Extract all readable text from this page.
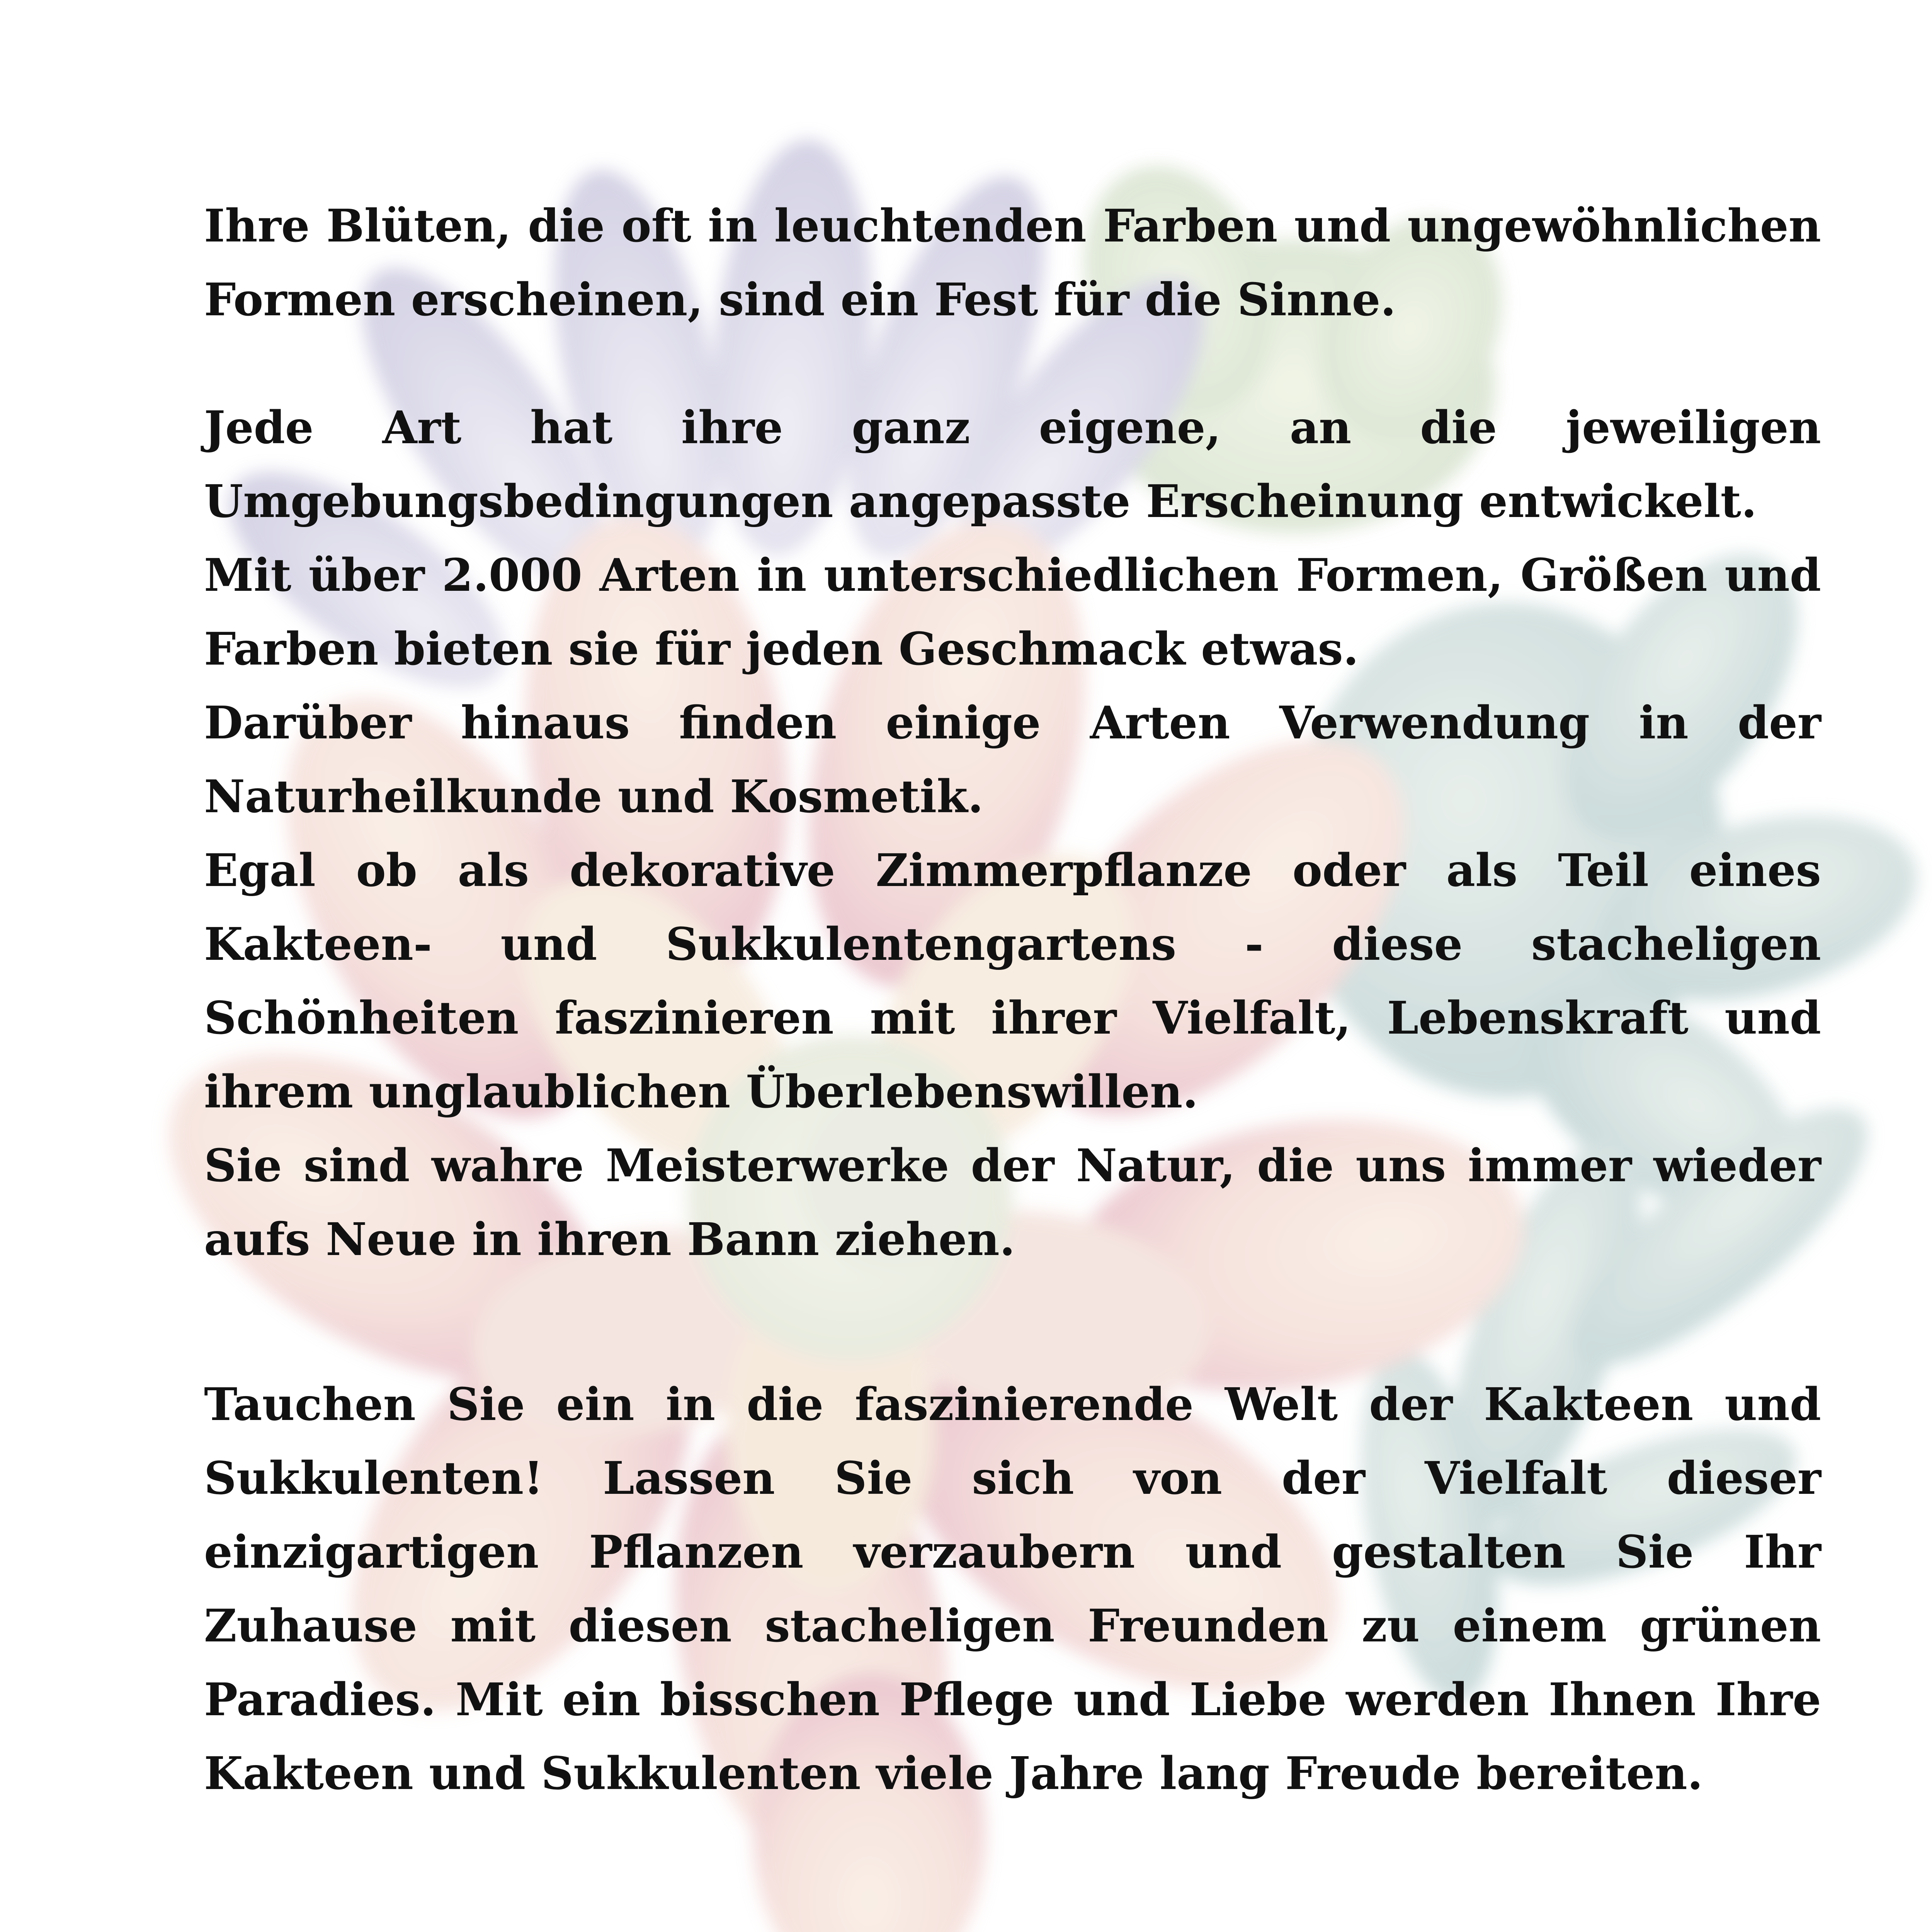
Ihre Blüten, die oft in leuchtenden Farben und ungewöhnlichen Formen erscheinen, sind ein Fest für die Sinne.

Jede Art hat ihre ganz eigene, an die jeweiligen Umgebungsbedingungen angepasste Erscheinung entwickelt.

Mit über 2.000 Arten in unterschiedlichen Formen, Größen und Farben bieten sie für jeden Geschmack etwas.

Darüber hinaus finden einige Arten Verwendung in der Naturheilkunde und Kosmetik.

Egal ob als dekorative Zimmerpflanze oder als Teil eines Kakteen- und Sukkulentengartens - diese stacheligen Schönheiten faszinieren mit ihrer Vielfalt, Lebenskraft und ihrem unglaublichen Überlebenswillen.

Sie sind wahre Meisterwerke der Natur, die uns immer wieder aufs Neue in ihren Bann ziehen.

Tauchen Sie ein in die faszinierende Welt der Kakteen und Sukkulenten! Lassen Sie sich von der Vielfalt dieser einzigartigen Pflanzen verzaubern und gestalten Sie Ihr Zuhause mit diesen stacheligen Freunden zu einem grünen Paradies. Mit ein bisschen Pflege und Liebe werden Ihnen Ihre Kakteen und Sukkulenten viele Jahre lang Freude bereiten.
